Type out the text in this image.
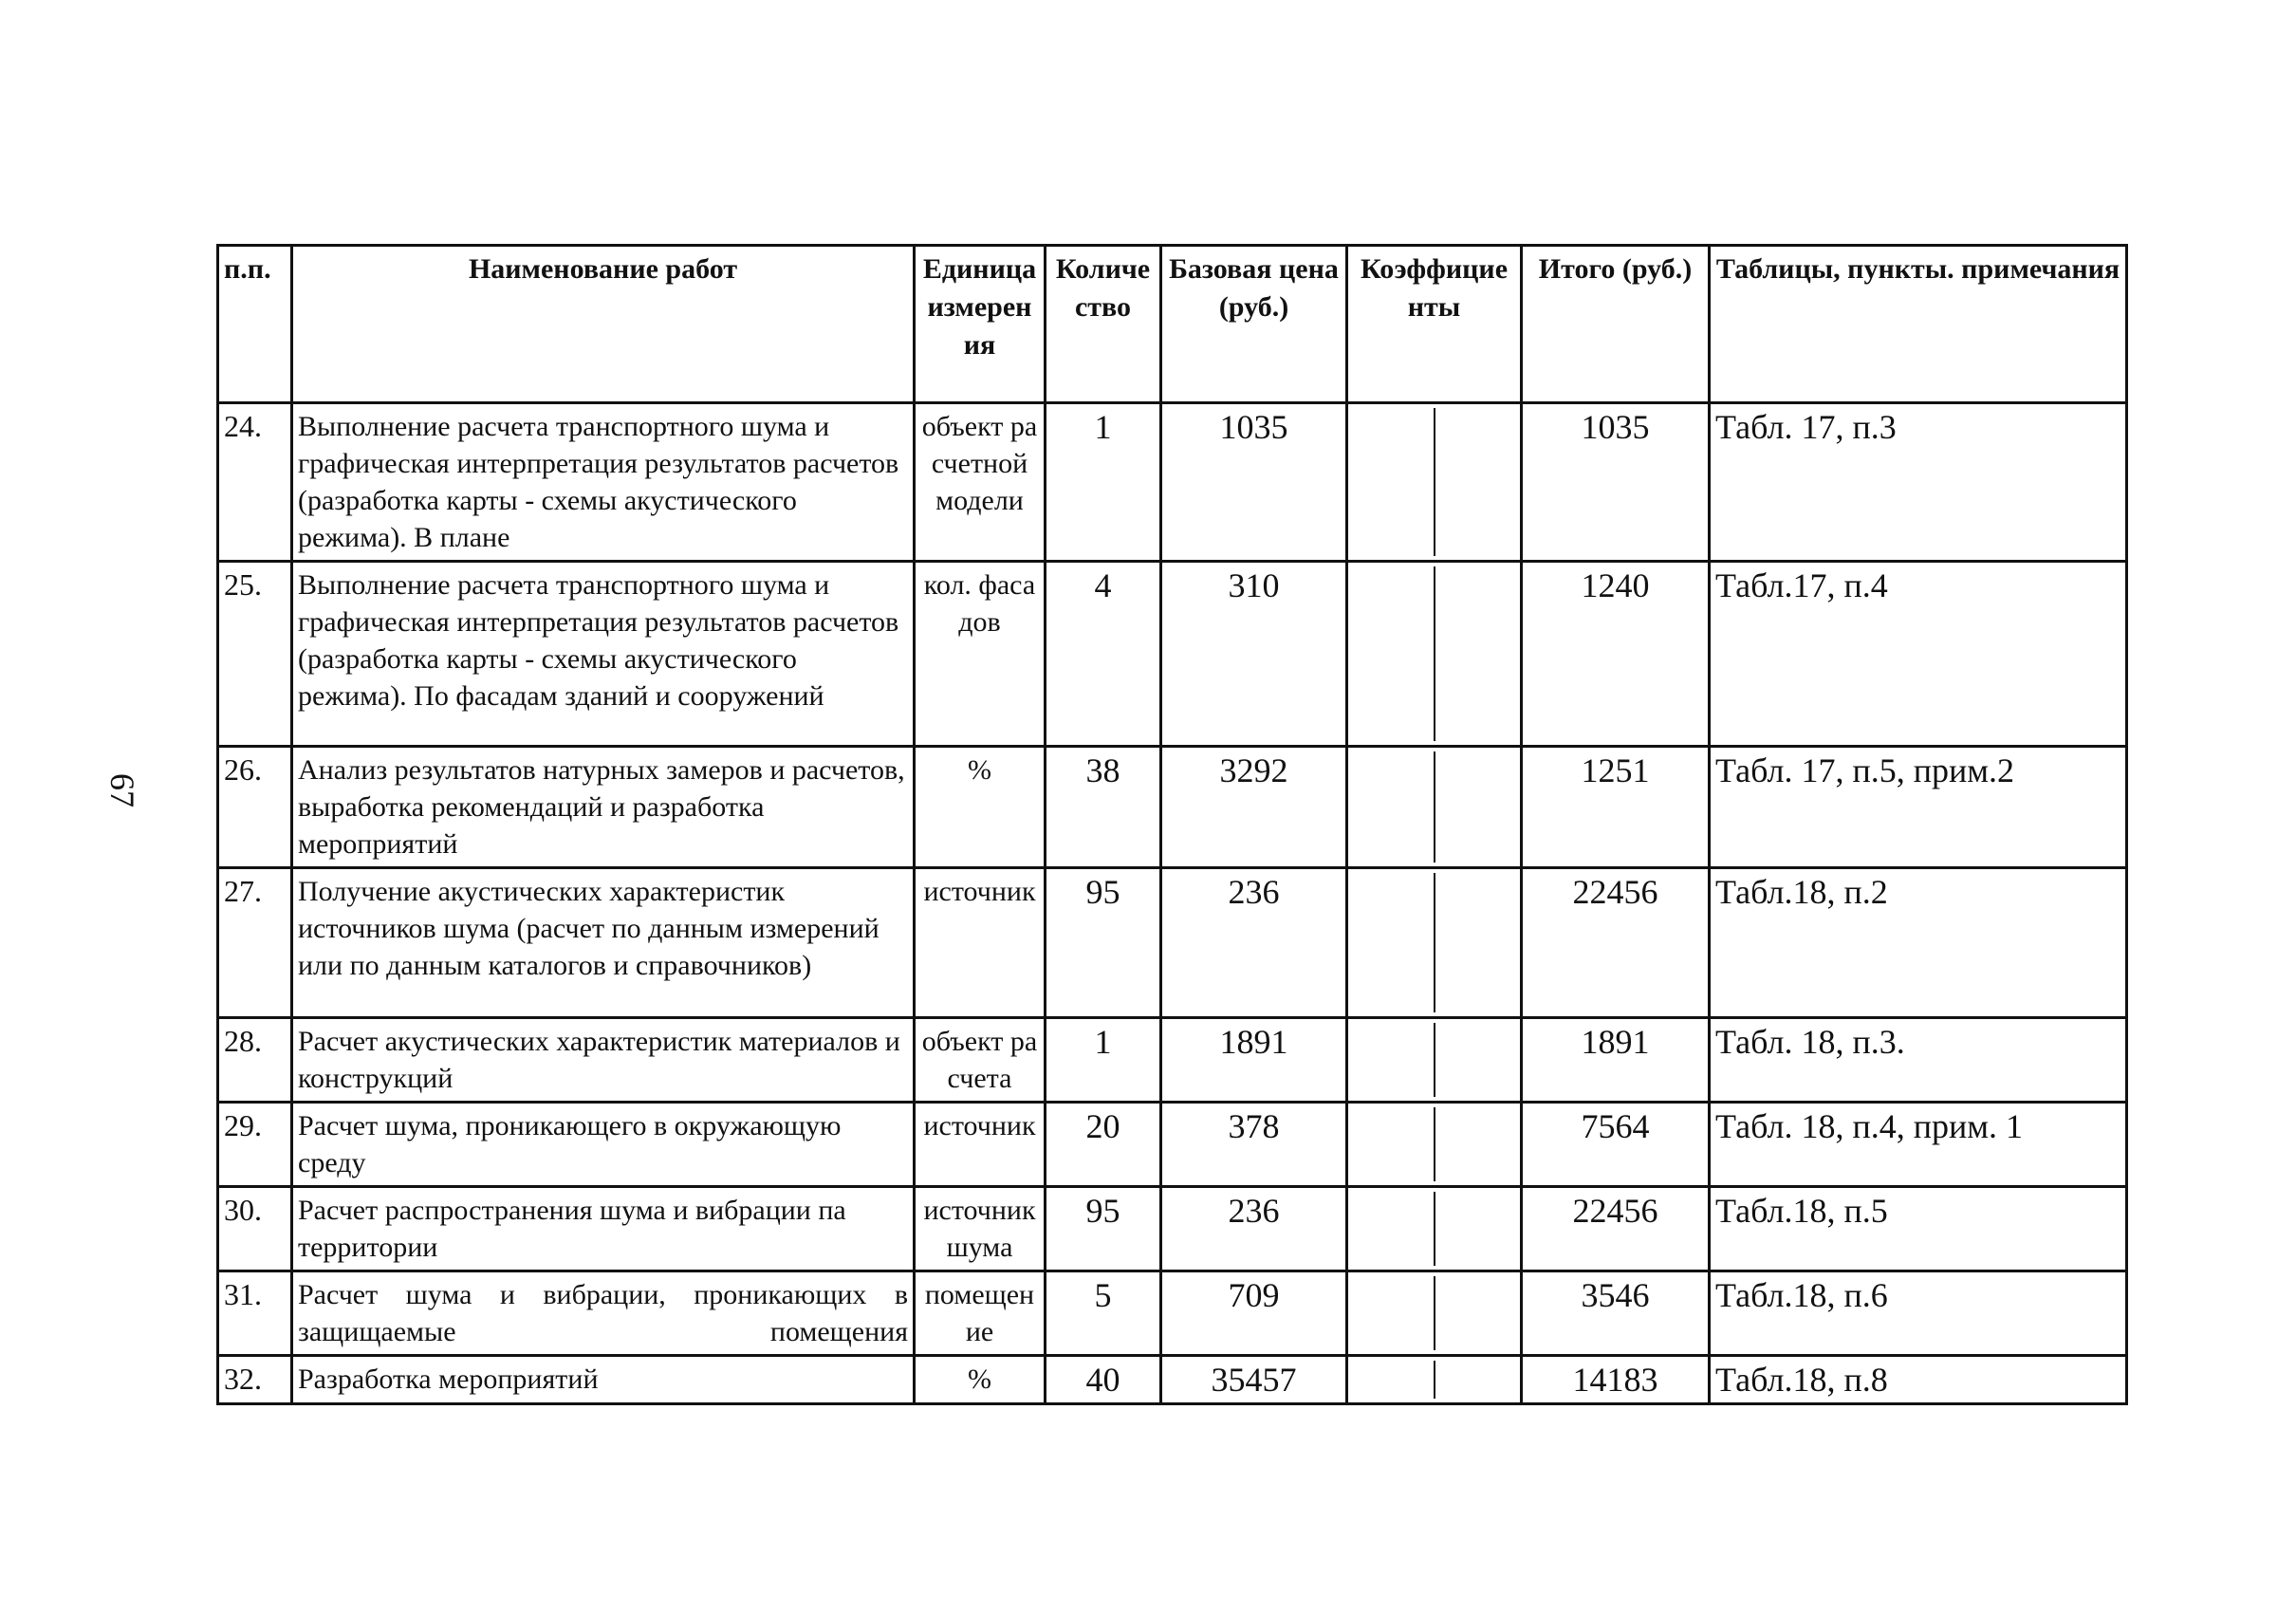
67
п.п.	Наименование работ	Единица измерения	Количество	Базовая цена (руб.)	Коэффициенты	Итого (руб.)	Таблицы, пункты. примечания
24.	Выполнение расчета транспортного шума и графическая интерпретация результатов расчетов (разработка карты - схемы акустического режима). В плане	объект расчетной модели	1	1035		1035	Табл. 17, п.3
25.	Выполнение расчета транспортного шума и графическая интерпретация результатов расчетов (разработка карты - схемы акустического режима). По фасадам зданий и сооружений	кол. фасадов	4	310		1240	Табл.17, п.4
26.	Анализ результатов натурных замеров и расчетов, выработка рекомендаций и разработка мероприятий	%	38	3292		1251	Табл. 17, п.5, прим.2
27.	Получение акустических характеристик источников шума (расчет по данным измерений или по данным каталогов и справочников)	источник	95	236		22456	Табл.18, п.2
28.	Расчет акустических характеристик материалов и конструкций	объект расчета	1	1891		1891	Табл. 18, п.3.
29.	Расчет шума, проникающего в окружающую среду	источник	20	378		7564	Табл. 18, п.4, прим. 1
30.	Расчет распространения шума и вибрации па территории	источник шума	95	236		22456	Табл.18, п.5
31.	Расчет шума и вибрации, проникающих в защищаемые помещения	помещение	5	709		3546	Табл.18, п.6
32.	Разработка мероприятий	%	40	35457		14183	Табл.18, п.8
